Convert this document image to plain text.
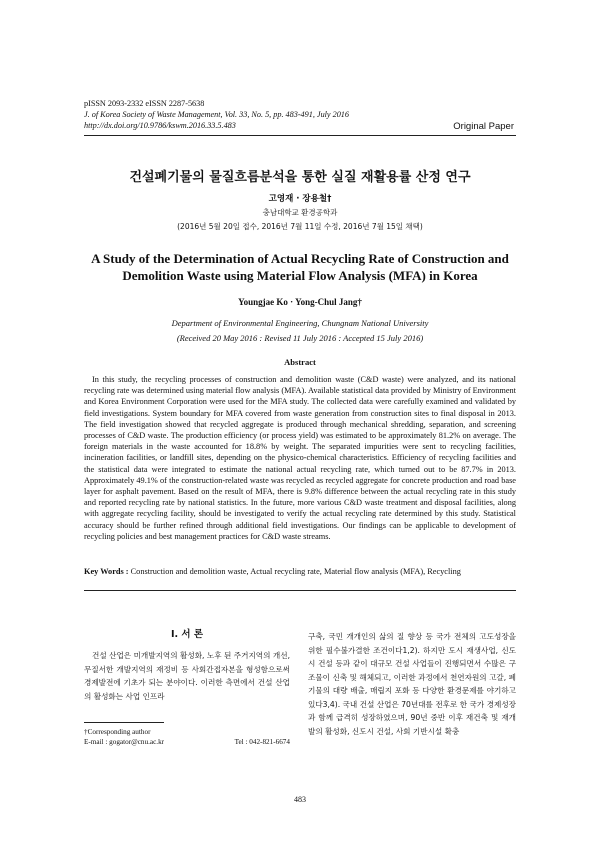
pISSN 2093-2332 eISSN 2287-5638
J. of Korea Society of Waste Management, Vol. 33, No. 5, pp. 483-491, July 2016
http://dx.doi.org/10.9786/kswm.2016.33.5.483	Original Paper
건설폐기물의 물질흐름분석을 통한 실질 재활용률 산정 연구
고영재 · 장용철†
충남대학교 환경공학과
(2016년 5월 20일 접수, 2016년 7월 11일 수정, 2016년 7월 15일 채택)
A Study of the Determination of Actual Recycling Rate of Construction and
Demolition Waste using Material Flow Analysis (MFA) in Korea
Youngjae Ko · Yong-Chul Jang†
Department of Environmental Engineering, Chungnam National University
(Received 20 May 2016 : Revised 11 July 2016 : Accepted 15 July 2016)
Abstract

In this study, the recycling processes of construction and demolition waste (C&D waste) were analyzed, and its national recycling rate was determined using material flow analysis (MFA). Available statistical data provided by Ministry of Environment and Korea Environment Corporation were used for the MFA study. The collected data were carefully examined and validated by field investigations. System boundary for MFA covered from waste generation from construction sites to final disposal in 2013. The field investigation showed that recycled aggregate is produced through mechanical shredding, separation, and screening processes of C&D waste. The production efficiency (or process yield) was estimated to be approximately 81.2% on average. The foreign materials in the waste accounted for 18.8% by weight. The separated impurities were sent to recycling facilities, incineration facilities, or landfill sites, depending on the physico-chemical characteristics. Efficiency of recycling facilities and the statistical data were integrated to estimate the national actual recycling rate, which turned out to be 87.7% in 2013. Approximately 49.1% of the construction-related waste was recycled as recycled aggregate for concrete production and road base layer for asphalt pavement. Based on the result of MFA, there is 9.8% difference between the actual recycling rate in this study and reported recycling rate by national statistics. In the future, more various C&D waste treatment and disposal facilities, along with aggregate recycling facility, should be investigated to verify the actual recycling rate determined by this study. Statistical accuracy should be further refined through additional field investigations. Our findings can be applicable to development of recycling policies and best management practices for C&D waste streams.

Key Words : Construction and demolition waste, Actual recycling rate, Material flow analysis (MFA), Recycling
I. 서 론

건설 산업은 미개발지역의 활성화, 노후 된 주거지역의 개선, 무질서한 개발지역의 재정비 등 사회간접자본을 형성함으로써 경제발전에 기초가 되는 분야이다. 이러한 측면에서 건설 산업의 활성화는 사업 인프라

구축, 국민 개개인의 삶의 질 향상 등 국가 전체의 고도성장을 위한 필수불가결한 조건이다1,2). 하지만 도시 재생사업, 신도시 건설 등과 같이 대규모 건설 사업들이 진행되면서 수많은 구조물이 신축 및 해체되고, 이러한 과정에서 천연자원의 고갈, 폐기물의 대량 배출, 매립지 포화 등 다양한 환경문제를 야기하고 있다3,4). 국내 건설 산업은 70년대를 전후로 한 국가 경제성장과 함께 급격히 성장하였으며, 90년 중반 이후 재건축 및 재개발의 활성화, 신도시 건설, 사회 기반시설 확충

†Corresponding author
E-mail : gogator@cnu.ac.kr	Tel : 042-821-6674
483
